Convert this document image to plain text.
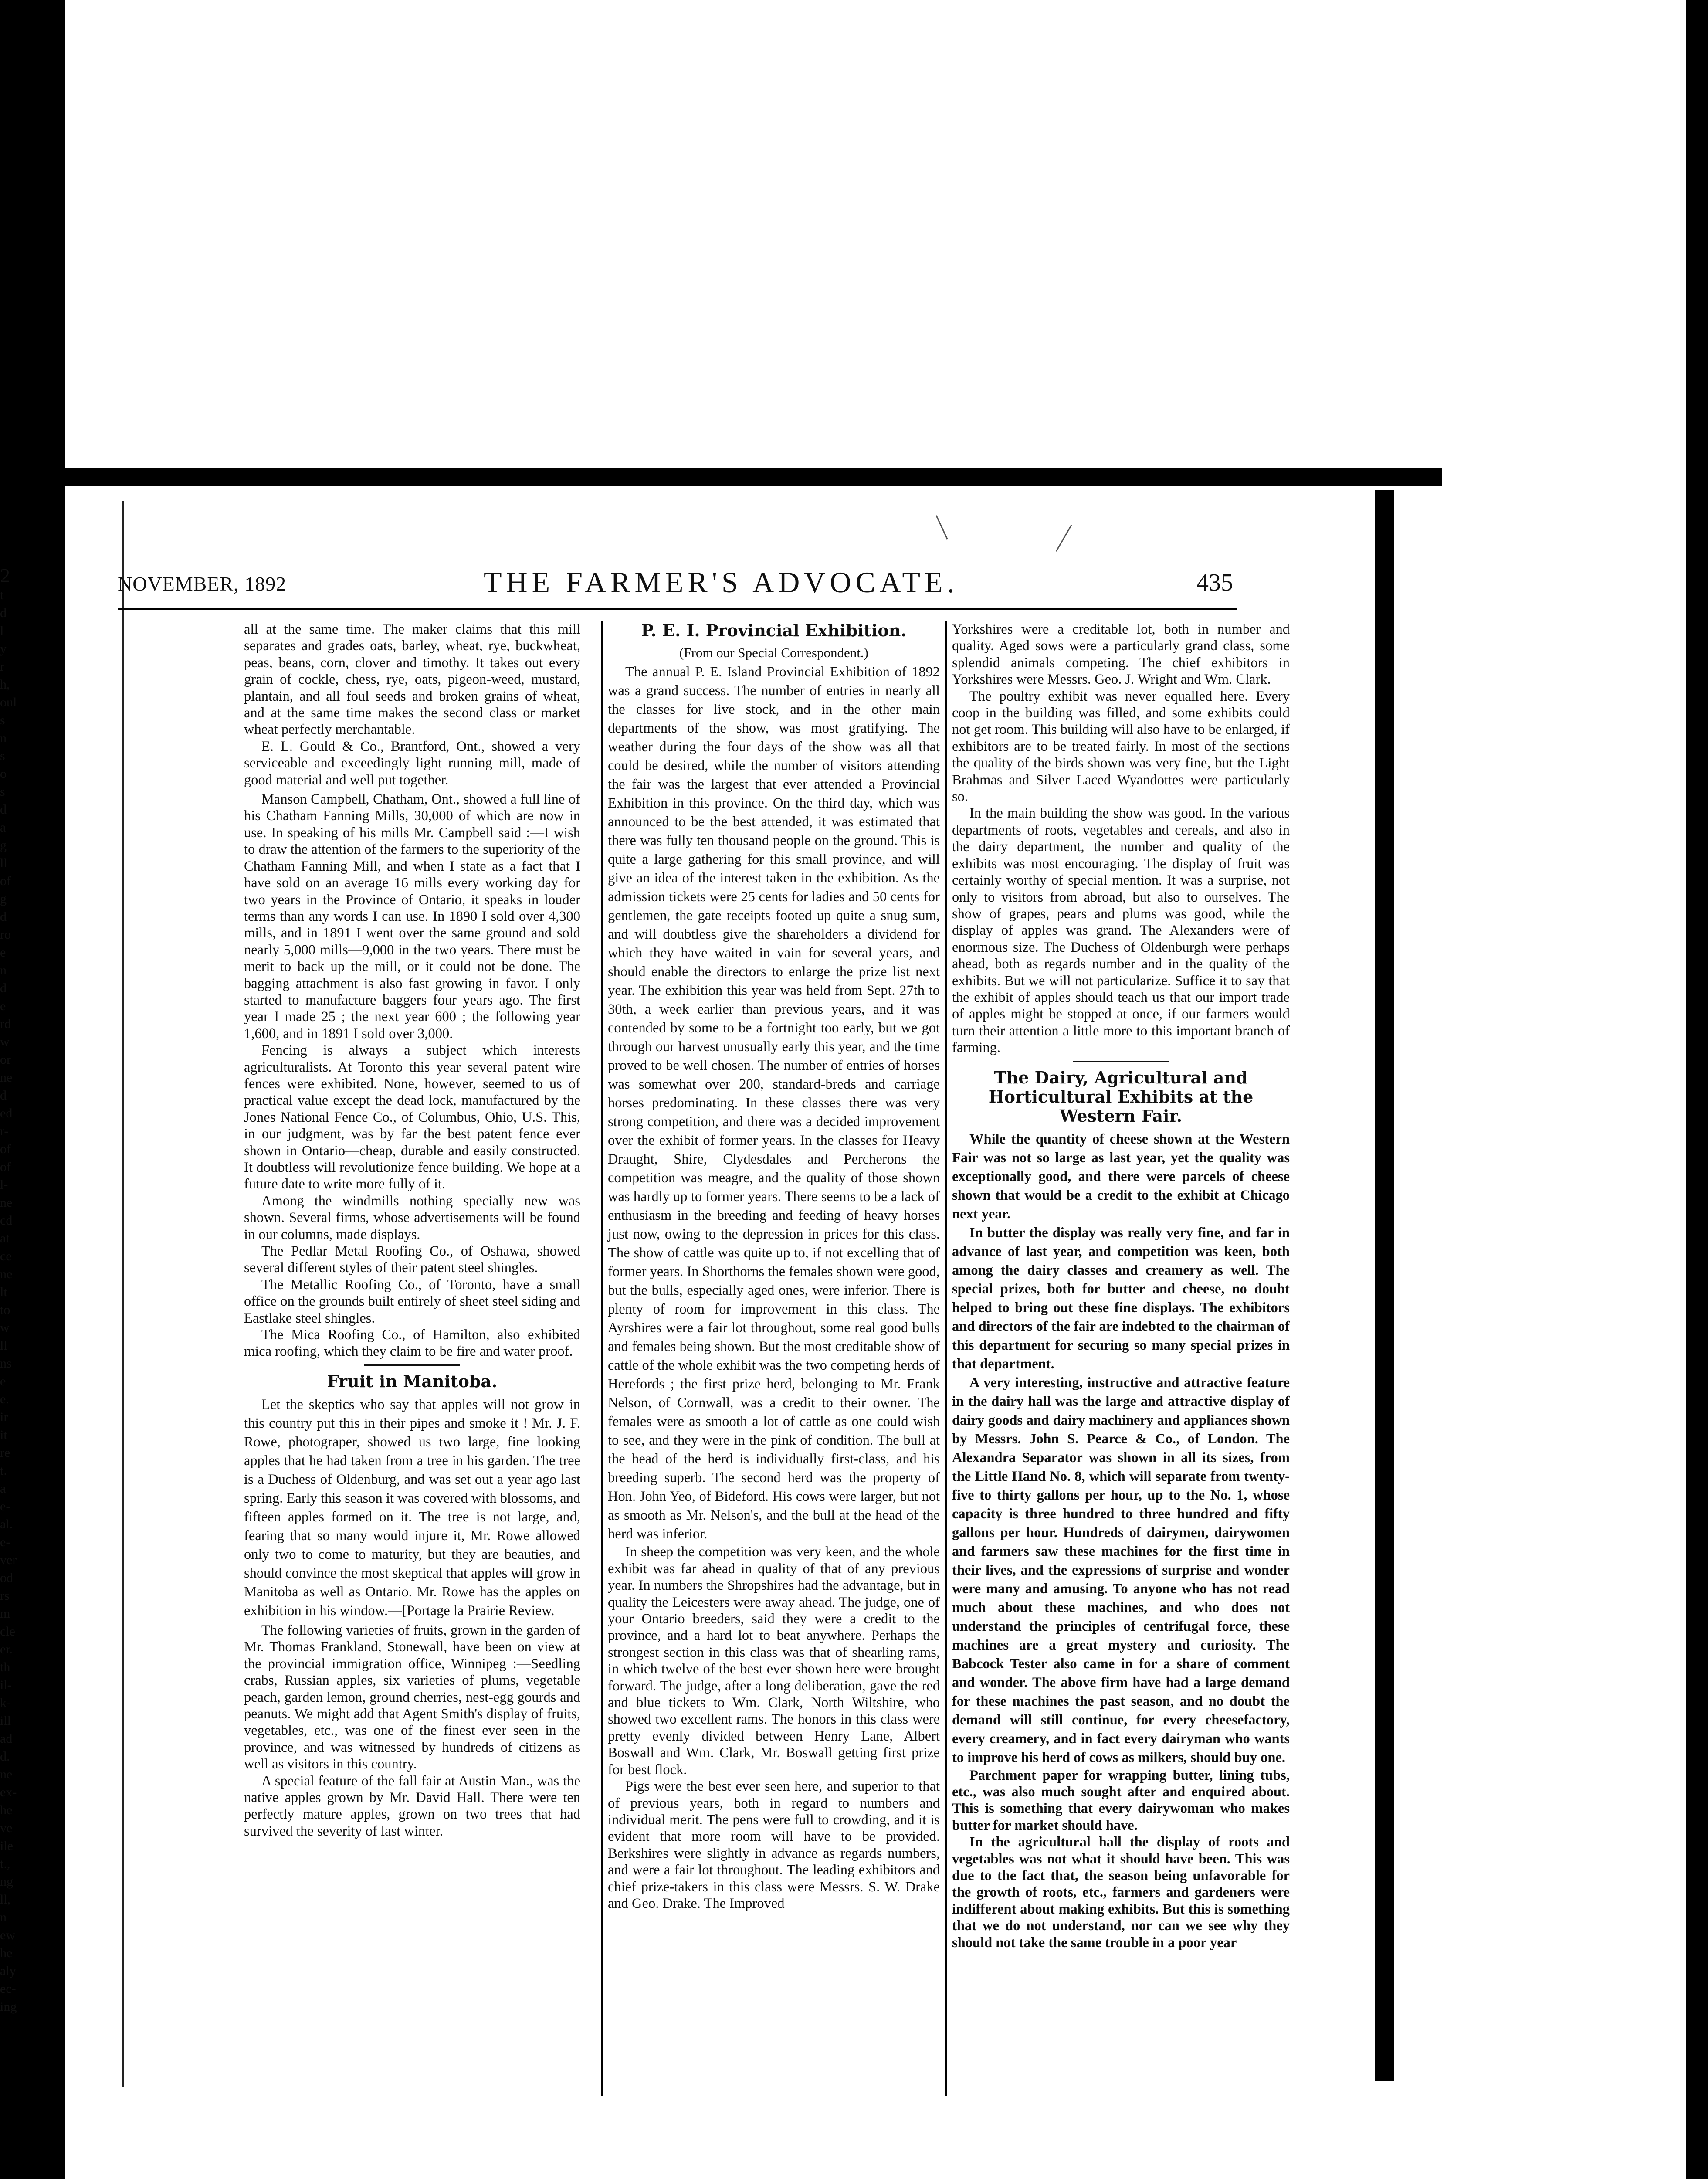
2
t
d
l
y
r
h,
oul
s
n
s
o
s
d
a
g
ll
of
g
d
ro
e
n
d
e
rd
w
or
ne
d
ed
r-
of
of
l-
ne
cd
at
ce
ne
lt
to
w
ll
ns
e
e.
ir
it
re
t.
a
e-
al.
e-
ver
od
rs
m
cle
er.
th
il-
k-
ill
ad
d.
ne
ex-
he
ve
ile
t.,
ng
ll,
n
ew
he
aly
ec-
ing
NOVEMBER, 1892	THE FARMER'S ADVOCATE.	435

all at the same time. The maker claims that this mill separates and grades oats, barley, wheat, rye, buckwheat, peas, beans, corn, clover and timothy. It takes out every grain of cockle, chess, rye, oats, pigeon-weed, mustard, plantain, and all foul seeds and broken grains of wheat, and at the same time makes the second class or market wheat perfectly merchantable.

E. L. Gould & Co., Brantford, Ont., showed a very serviceable and exceedingly light running mill, made of good material and well put together.

Manson Campbell, Chatham, Ont., showed a full line of his Chatham Fanning Mills, 30,000 of which are now in use. In speaking of his mills Mr. Campbell said :—I wish to draw the attention of the farmers to the superiority of the Chatham Fanning Mill, and when I state as a fact that I have sold on an average 16 mills every working day for two years in the Province of Ontario, it speaks in louder terms than any words I can use. In 1890 I sold over 4,300 mills, and in 1891 I went over the same ground and sold nearly 5,000 mills—9,000 in the two years. There must be merit to back up the mill, or it could not be done. The bagging attachment is also fast growing in favor. I only started to manufacture baggers four years ago. The first year I made 25 ; the next year 600 ; the following year 1,600, and in 1891 I sold over 3,000.

Fencing is always a subject which interests agriculturalists. At Toronto this year several patent wire fences were exhibited. None, however, seemed to us of practical value except the dead lock, manufactured by the Jones National Fence Co., of Columbus, Ohio, U.S. This, in our judgment, was by far the best patent fence ever shown in Ontario—cheap, durable and easily constructed. It doubtless will revolutionize fence building. We hope at a future date to write more fully of it.

Among the windmills nothing specially new was shown. Several firms, whose advertisements will be found in our columns, made displays.

The Pedlar Metal Roofing Co., of Oshawa, showed several different styles of their patent steel shingles.

The Metallic Roofing Co., of Toronto, have a small office on the grounds built entirely of sheet steel siding and Eastlake steel shingles.

The Mica Roofing Co., of Hamilton, also exhibited mica roofing, which they claim to be fire and water proof.

Fruit in Manitoba.

Let the skeptics who say that apples will not grow in this country put this in their pipes and smoke it ! Mr. J. F. Rowe, photograper, showed us two large, fine looking apples that he had taken from a tree in his garden. The tree is a Duchess of Oldenburg, and was set out a year ago last spring. Early this season it was covered with blossoms, and fifteen apples formed on it. The tree is not large, and, fearing that so many would injure it, Mr. Rowe allowed only two to come to maturity, but they are beauties, and should convince the most skeptical that apples will grow in Manitoba as well as Ontario. Mr. Rowe has the apples on exhibition in his window.—[Portage la Prairie Review.

The following varieties of fruits, grown in the garden of Mr. Thomas Frankland, Stonewall, have been on view at the provincial immigration office, Winnipeg :—Seedling crabs, Russian apples, six varieties of plums, vegetable peach, garden lemon, ground cherries, nest-egg gourds and peanuts. We might add that Agent Smith's display of fruits, vegetables, etc., was one of the finest ever seen in the province, and was witnessed by hundreds of citizens as well as visitors in this country.

A special feature of the fall fair at Austin Man., was the native apples grown by Mr. David Hall. There were ten perfectly mature apples, grown on two trees that had survived the severity of last winter.

P. E. I. Provincial Exhibition.

(From our Special Correspondent.)

The annual P. E. Island Provincial Exhibition of 1892 was a grand success. The number of entries in nearly all the classes for live stock, and in the other main departments of the show, was most gratifying. The weather during the four days of the show was all that could be desired, while the number of visitors attending the fair was the largest that ever attended a Provincial Exhibition in this province. On the third day, which was announced to be the best attended, it was estimated that there was fully ten thousand people on the ground. This is quite a large gathering for this small province, and will give an idea of the interest taken in the exhibition. As the admission tickets were 25 cents for ladies and 50 cents for gentlemen, the gate receipts footed up quite a snug sum, and will doubtless give the shareholders a dividend for which they have waited in vain for several years, and should enable the directors to enlarge the prize list next year. The exhibition this year was held from Sept. 27th to 30th, a week earlier than previous years, and it was contended by some to be a fortnight too early, but we got through our harvest unusually early this year, and the time proved to be well chosen. The number of entries of horses was somewhat over 200, standard-breds and carriage horses predominating. In these classes there was very strong competition, and there was a decided improvement over the exhibit of former years. In the classes for Heavy Draught, Shire, Clydesdales and Percherons the competition was meagre, and the quality of those shown was hardly up to former years. There seems to be a lack of enthusiasm in the breeding and feeding of heavy horses just now, owing to the depression in prices for this class. The show of cattle was quite up to, if not excelling that of former years. In Shorthorns the females shown were good, but the bulls, especially aged ones, were inferior. There is plenty of room for improvement in this class. The Ayrshires were a fair lot throughout, some real good bulls and females being shown. But the most creditable show of cattle of the whole exhibit was the two competing herds of Herefords ; the first prize herd, belonging to Mr. Frank Nelson, of Cornwall, was a credit to their owner. The females were as smooth a lot of cattle as one could wish to see, and they were in the pink of condition. The bull at the head of the herd is individually first-class, and his breeding superb. The second herd was the property of Hon. John Yeo, of Bideford. His cows were larger, but not as smooth as Mr. Nelson's, and the bull at the head of the herd was inferior.

In sheep the competition was very keen, and the whole exhibit was far ahead in quality of that of any previous year. In numbers the Shropshires had the advantage, but in quality the Leicesters were away ahead. The judge, one of your Ontario breeders, said they were a credit to the province, and a hard lot to beat anywhere. Perhaps the strongest section in this class was that of shearling rams, in which twelve of the best ever shown here were brought forward. The judge, after a long deliberation, gave the red and blue tickets to Wm. Clark, North Wiltshire, who showed two excellent rams. The honors in this class were pretty evenly divided between Henry Lane, Albert Boswall and Wm. Clark, Mr. Boswall getting first prize for best flock.

Pigs were the best ever seen here, and superior to that of previous years, both in regard to numbers and individual merit. The pens were full to crowding, and it is evident that more room will have to be provided. Berkshires were slightly in advance as regards numbers, and were a fair lot throughout. The leading exhibitors and chief prize-takers in this class were Messrs. S. W. Drake and Geo. Drake. The Improved

Yorkshires were a creditable lot, both in number and quality. Aged sows were a particularly grand class, some splendid animals competing. The chief exhibitors in Yorkshires were Messrs. Geo. J. Wright and Wm. Clark.

The poultry exhibit was never equalled here. Every coop in the building was filled, and some exhibits could not get room. This building will also have to be enlarged, if exhibitors are to be treated fairly. In most of the sections the quality of the birds shown was very fine, but the Light Brahmas and Silver Laced Wyandottes were particularly so.

In the main building the show was good. In the various departments of roots, vegetables and cereals, and also in the dairy department, the number and quality of the exhibits was most encouraging. The display of fruit was certainly worthy of special mention. It was a surprise, not only to visitors from abroad, but also to ourselves. The show of grapes, pears and plums was good, while the display of apples was grand. The Alexanders were of enormous size. The Duchess of Oldenburgh were perhaps ahead, both as regards number and in the quality of the exhibits. But we will not particularize. Suffice it to say that the exhibit of apples should teach us that our import trade of apples might be stopped at once, if our farmers would turn their attention a little more to this important branch of farming.

The Dairy, Agricultural and Horticultural Exhibits at the Western Fair.

While the quantity of cheese shown at the Western Fair was not so large as last year, yet the quality was exceptionally good, and there were parcels of cheese shown that would be a credit to the exhibit at Chicago next year.

In butter the display was really very fine, and far in advance of last year, and competition was keen, both among the dairy classes and creamery as well. The special prizes, both for butter and cheese, no doubt helped to bring out these fine displays. The exhibitors and directors of the fair are indebted to the chairman of this department for securing so many special prizes in that department.

A very interesting, instructive and attractive feature in the dairy hall was the large and attractive display of dairy goods and dairy machinery and appliances shown by Messrs. John S. Pearce & Co., of London. The Alexandra Separator was shown in all its sizes, from the Little Hand No. 8, which will separate from twenty-five to thirty gallons per hour, up to the No. 1, whose capacity is three hundred to three hundred and fifty gallons per hour. Hundreds of dairymen, dairywomen and farmers saw these machines for the first time in their lives, and the expressions of surprise and wonder were many and amusing. To anyone who has not read much about these machines, and who does not understand the principles of centrifugal force, these machines are a great mystery and curiosity. The Babcock Tester also came in for a share of comment and wonder. The above firm have had a large demand for these machines the past season, and no doubt the demand will still continue, for every cheesefactory, every creamery, and in fact every dairyman who wants to improve his herd of cows as milkers, should buy one.

Parchment paper for wrapping butter, lining tubs, etc., was also much sought after and enquired about. This is something that every dairywoman who makes butter for market should have.

In the agricultural hall the display of roots and vegetables was not what it should have been. This was due to the fact that, the season being unfavorable for the growth of roots, etc., farmers and gardeners were indifferent about making exhibits. But this is something that we do not understand, nor can we see why they should not take the same trouble in a poor year
